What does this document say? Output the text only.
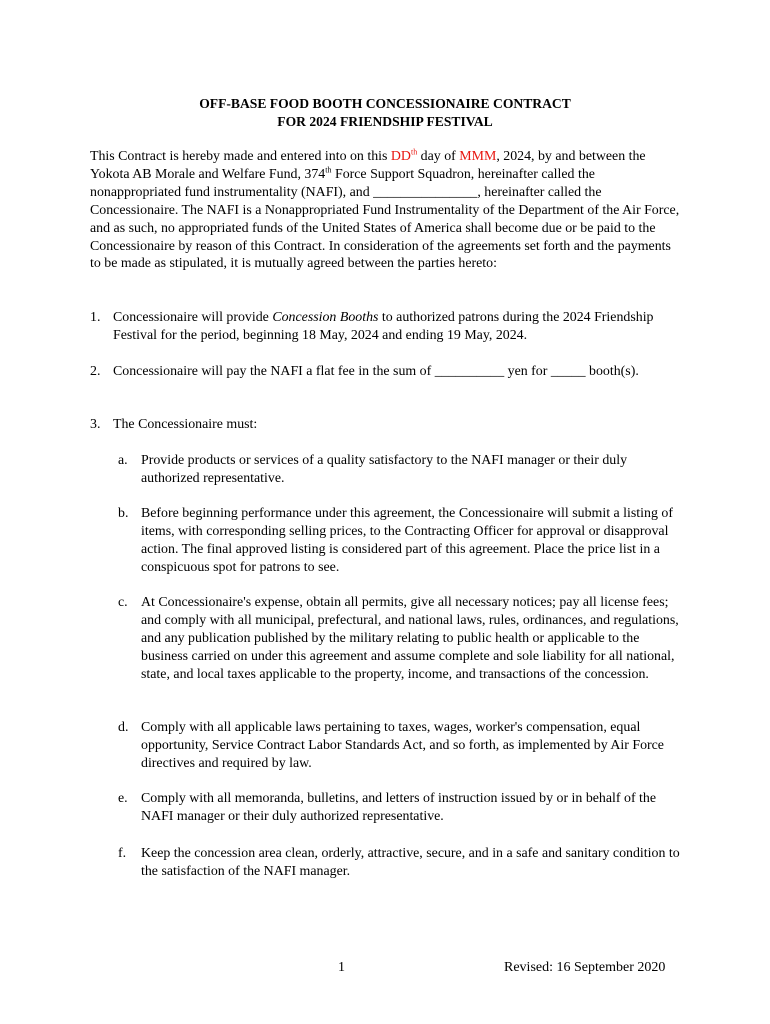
OFF-BASE FOOD BOOTH CONCESSIONAIRE CONTRACT
FOR 2024 FRIENDSHIP FESTIVAL
This Contract is hereby made and entered into on this DDth day of MMM, 2024, by and between the Yokota AB Morale and Welfare Fund, 374th Force Support Squadron, hereinafter called the nonappropriated fund instrumentality (NAFI), and _______________, hereinafter called the Concessionaire. The NAFI is a Nonappropriated Fund Instrumentality of the Department of the Air Force, and as such, no appropriated funds of the United States of America shall become due or be paid to the Concessionaire by reason of this Contract. In consideration of the agreements set forth and the payments to be made as stipulated, it is mutually agreed between the parties hereto:
1. Concessionaire will provide Concession Booths to authorized patrons during the 2024 Friendship Festival for the period, beginning 18 May, 2024 and ending 19 May, 2024.
2. Concessionaire will pay the NAFI a flat fee in the sum of __________ yen for _____ booth(s).
3. The Concessionaire must:
a. Provide products or services of a quality satisfactory to the NAFI manager or their duly authorized representative.
b. Before beginning performance under this agreement, the Concessionaire will submit a listing of items, with corresponding selling prices, to the Contracting Officer for approval or disapproval action. The final approved listing is considered part of this agreement. Place the price list in a conspicuous spot for patrons to see.
c. At Concessionaire's expense, obtain all permits, give all necessary notices; pay all license fees; and comply with all municipal, prefectural, and national laws, rules, ordinances, and regulations, and any publication published by the military relating to public health or applicable to the business carried on under this agreement and assume complete and sole liability for all national, state, and local taxes applicable to the property, income, and transactions of the concession.
d. Comply with all applicable laws pertaining to taxes, wages, worker's compensation, equal opportunity, Service Contract Labor Standards Act, and so forth, as implemented by Air Force directives and required by law.
e. Comply with all memoranda, bulletins, and letters of instruction issued by or in behalf of the NAFI manager or their duly authorized representative.
f. Keep the concession area clean, orderly, attractive, secure, and in a safe and sanitary condition to the satisfaction of the NAFI manager.
1	Revised: 16 September 2020
